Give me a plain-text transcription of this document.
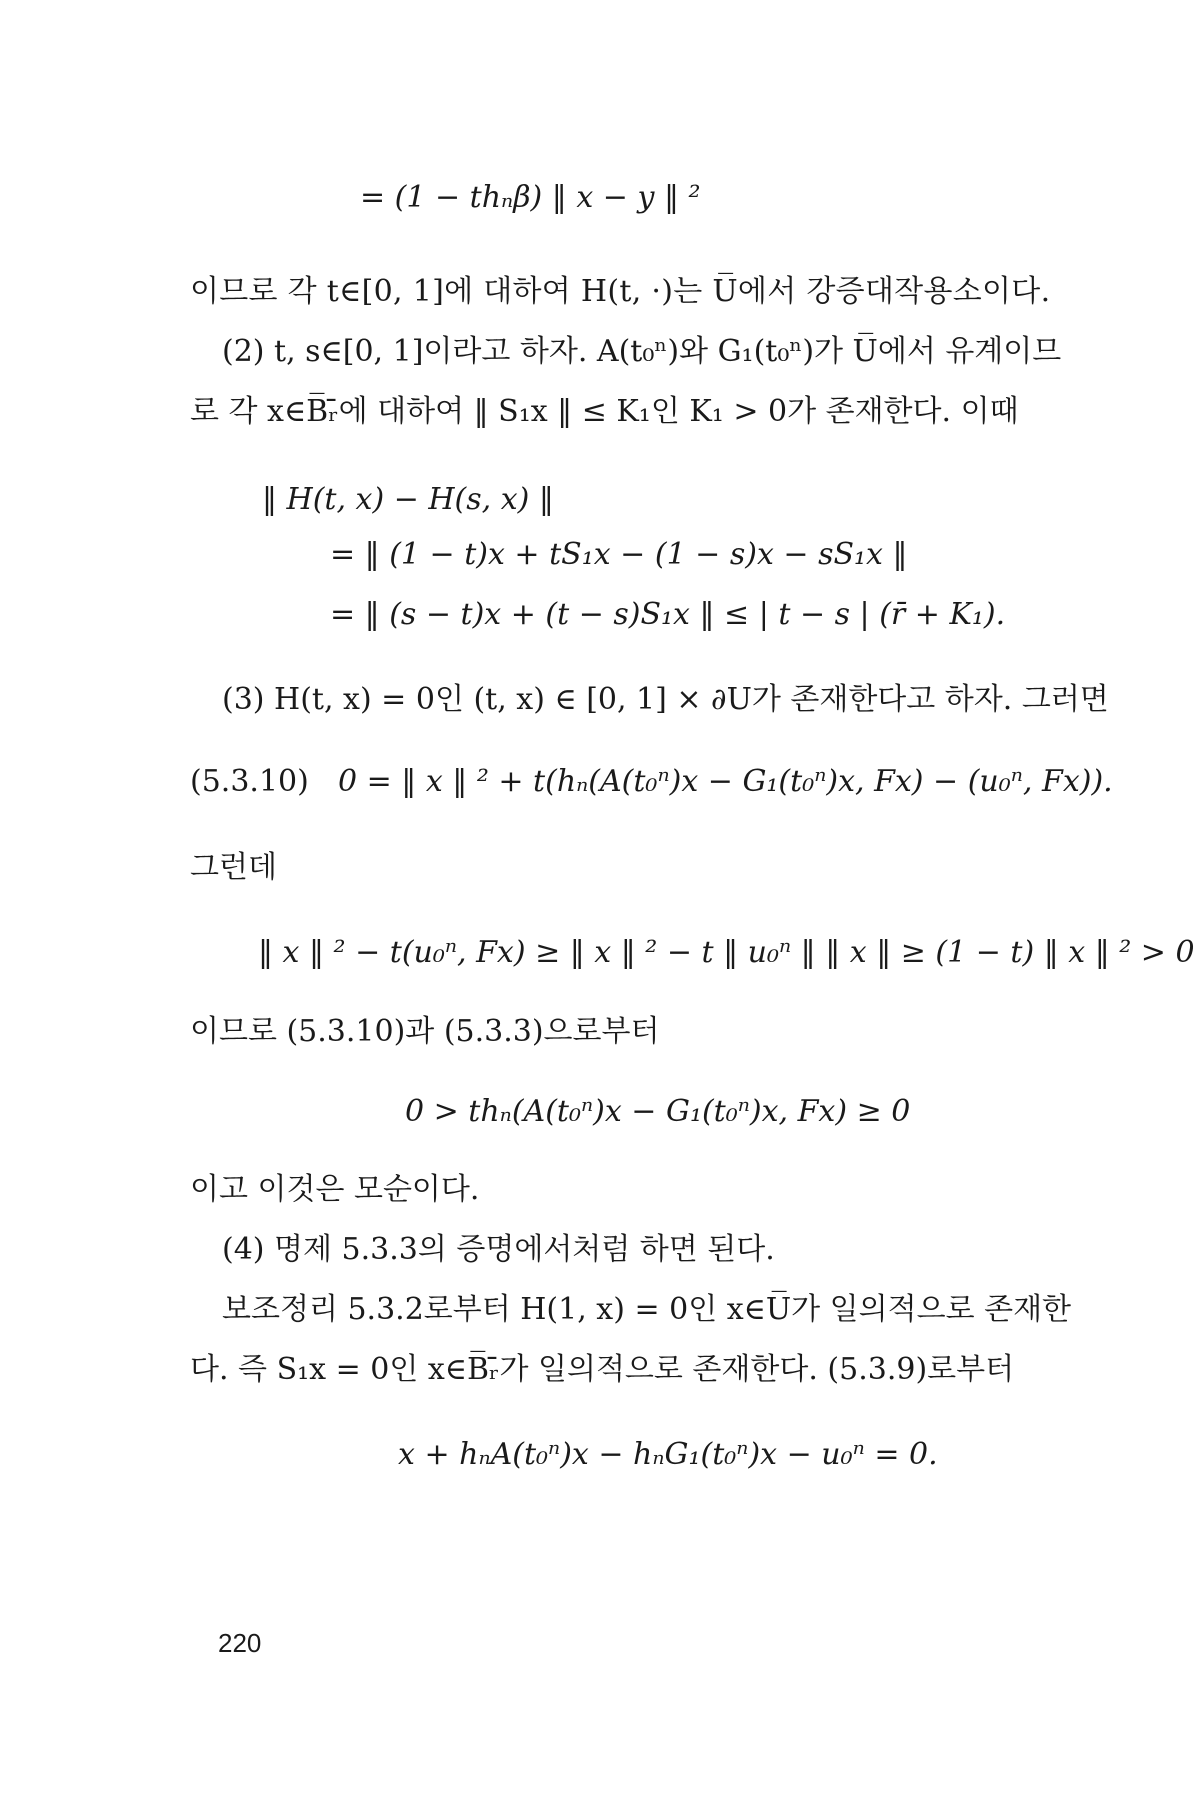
= (1 − thₙβ) ‖ x − y ‖ ²
이므로 각 t∈[0, 1]에 대하여 H(t, ·)는 U̅에서 강증대작용소이다.
(2) t, s∈[0, 1]이라고 하자. A(t₀ⁿ)와 G₁(t₀ⁿ)가 U̅에서 유계이므
로 각 x∈B̅ᵣ̄에 대하여 ‖ S₁x ‖ ≤ K₁인 K₁ > 0가 존재한다. 이때
‖ H(t, x) − H(s, x) ‖
= ‖ (1 − t)x + tS₁x − (1 − s)x − sS₁x ‖
= ‖ (s − t)x + (t − s)S₁x ‖ ≤ | t − s | (r̄ + K₁).
(3) H(t, x) = 0인 (t, x) ∈ [0, 1] × ∂U가 존재한다고 하자. 그러면
(5.3.10) 0 = ‖ x ‖ ² + t(hₙ(A(t₀ⁿ)x − G₁(t₀ⁿ)x, Fx) − (u₀ⁿ, Fx)).
그런데
‖ x ‖ ² − t(u₀ⁿ, Fx) ≥ ‖ x ‖ ² − t ‖ u₀ⁿ ‖ ‖ x ‖ ≥ (1 − t) ‖ x ‖ ² > 0
이므로 (5.3.10)과 (5.3.3)으로부터
0 > thₙ(A(t₀ⁿ)x − G₁(t₀ⁿ)x, Fx) ≥ 0
이고 이것은 모순이다.
(4) 명제 5.3.3의 증명에서처럼 하면 된다.
보조정리 5.3.2로부터 H(1, x) = 0인 x∈U̅가 일의적으로 존재한
다. 즉 S₁x = 0인 x∈B̅ᵣ̄가 일의적으로 존재한다. (5.3.9)로부터
x + hₙA(t₀ⁿ)x − hₙG₁(t₀ⁿ)x − u₀ⁿ = 0.
220
